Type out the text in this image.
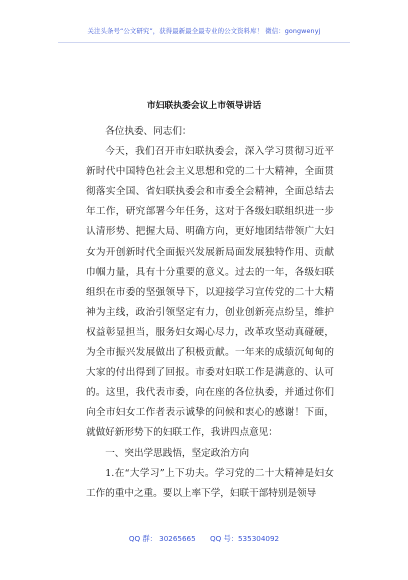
关注头条号“公文研究”，获得最新最全最专业的公文资料库！ 微信：gongwenyj
市妇联执委会议上市领导讲话

各位执委、同志们：

今天，我们召开市妇联执委会，深入学习贯彻习近平新时代中国特色社会主义思想和党的二十大精神，全面贯彻落实全国、省妇联执委会和市委全会精神，全面总结去年工作，研究部署今年任务，这对于各级妇联组织进一步认清形势、把握大局、明确方向，更好地团结带领广大妇女为开创新时代全面振兴发展新局面发展独特作用、贡献巾帼力量，具有十分重要的意义。过去的一年，各级妇联组织在市委的坚强领导下，以迎接学习宣传党的二十大精神为主线，政治引领坚定有力，创业创新亮点纷呈，维护权益彰显担当，服务妇女竭心尽力，改革攻坚动真碰硬，为全市振兴发展做出了积极贡献。一年来的成绩沉甸甸的大家的付出得到了回报。市委对妇联工作是满意的、认可的。这里，我代表市委，向在座的各位执委，并通过你们向全市妇女工作者表示诚挚的问候和衷心的感谢！下面，就做好新形势下的妇联工作，我讲四点意见：

一、突出学思践悟，坚定政治方向

1.在“大学习”上下功夫。学习党的二十大精神是妇女工作的重中之重。要以上率下学，妇联干部特别是领导

QQ 群： 30265665 QQ 号：535304092
